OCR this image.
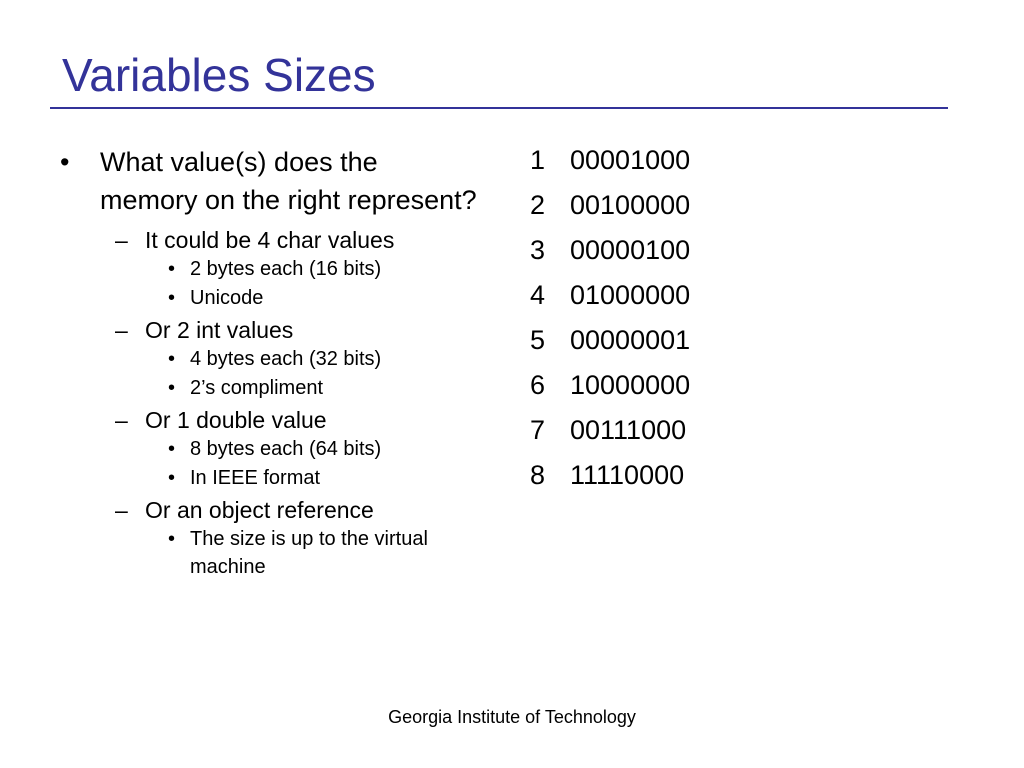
Variables Sizes
• What value(s) does the memory on the right represent?
– It could be 4 char values
• 2 bytes each (16 bits)
• Unicode
– Or 2 int values
• 4 bytes each (32 bits)
• 2’s compliment
– Or 1 double value
• 8 bytes each (64 bits)
• In IEEE format
– Or an object reference
• The size is up to the virtual machine
1 00001000
2 00100000
3 00000100
4 01000000
5 00000001
6 10000000
7 00111000
8 11110000
Georgia Institute of Technology
